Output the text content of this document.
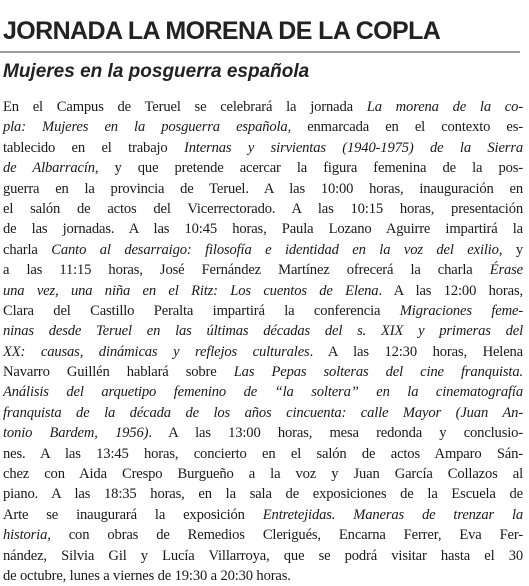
JORNADA LA MORENA DE LA COPLA
Mujeres en la posguerra española
En el Campus de Teruel se celebrará la jornada La morena de la co-
pla: Mujeres en la posguerra española, enmarcada en el contexto es-
tablecido en el trabajo Internas y sirvientas (1940-1975) de la Sierra
de Albarracín, y que pretende acercar la figura femenina de la pos-
guerra en la provincia de Teruel. A las 10:00 horas, inauguración en
el salón de actos del Vicerrectorado. A las 10:15 horas, presentación
de las jornadas. A las 10:45 horas, Paula Lozano Aguirre impartirá la
charla Canto al desarraigo: filosofía e identidad en la voz del exilio, y
a las 11:15 horas, José Fernández Martínez ofrecerá la charla Érase
una vez, una niña en el Ritz: Los cuentos de Elena. A las 12:00 horas,
Clara del Castillo Peralta impartirá la conferencia Migraciones feme-
ninas desde Teruel en las últimas décadas del s. XIX y primeras del
XX: causas, dinámicas y reflejos culturales. A las 12:30 horas, Helena
Navarro Guillén hablará sobre Las Pepas solteras del cine franquista.
Análisis del arquetipo femenino de “la soltera” en la cinematografía
franquista de la década de los años cincuenta: calle Mayor (Juan An-
tonio Bardem, 1956). A las 13:00 horas, mesa redonda y conclusio-
nes. A las 13:45 horas, concierto en el salón de actos Amparo Sán-
chez con Aida Crespo Burgueño a la voz y Juan García Collazos al
piano. A las 18:35 horas, en la sala de exposiciones de la Escuela de
Arte se inaugurará la exposición Entretejidas. Maneras de trenzar la
historia, con obras de Remedios Clerigués, Encarna Ferrer, Eva Fer-
nández, Silvia Gil y Lucía Villarroya, que se podrá visitar hasta el 30
de octubre, lunes a viernes de 19:30 a 20:30 horas.
